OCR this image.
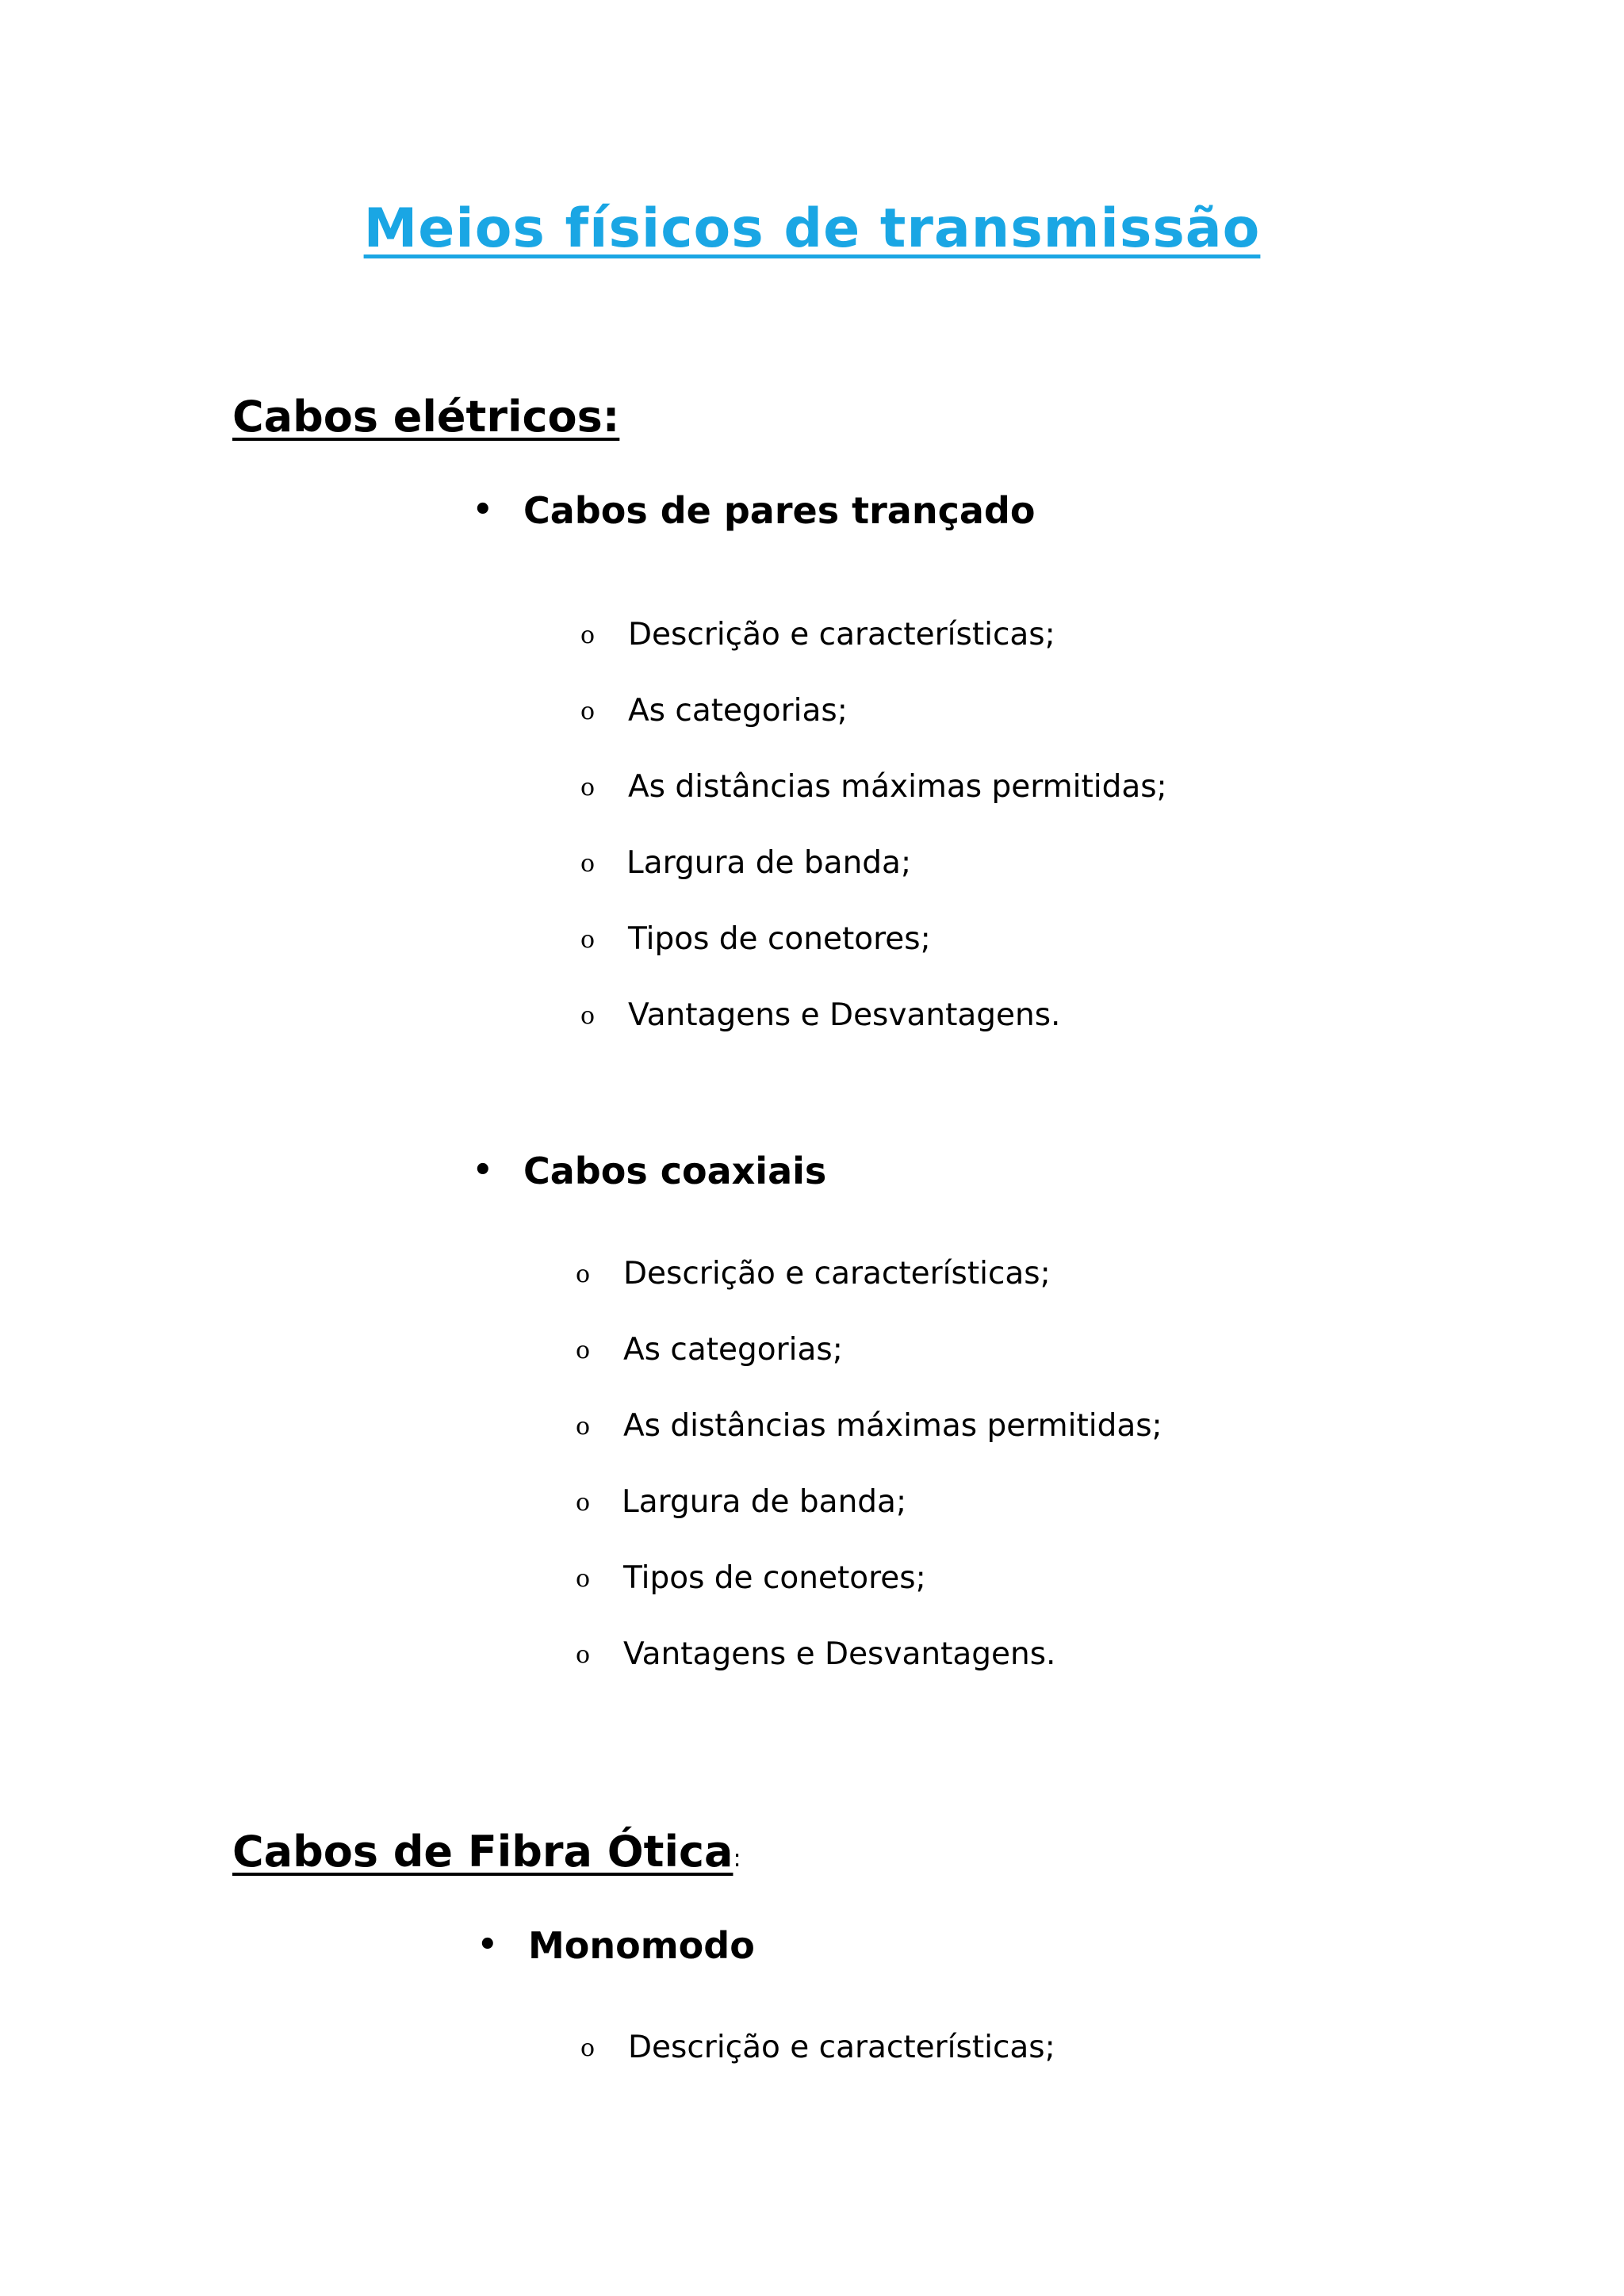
Meios físicos de transmissão
Cabos elétricos:
• Cabos de pares trançado
o Descrição e características;
o As categorias;
o As distâncias máximas permitidas;
o Largura de banda;
o Tipos de conetores;
o Vantagens e Desvantagens.
• Cabos coaxiais
o Descrição e características;
o As categorias;
o As distâncias máximas permitidas;
o Largura de banda;
o Tipos de conetores;
o Vantagens e Desvantagens.
Cabos de Fibra Ótica:
• Monomodo
o Descrição e características;
